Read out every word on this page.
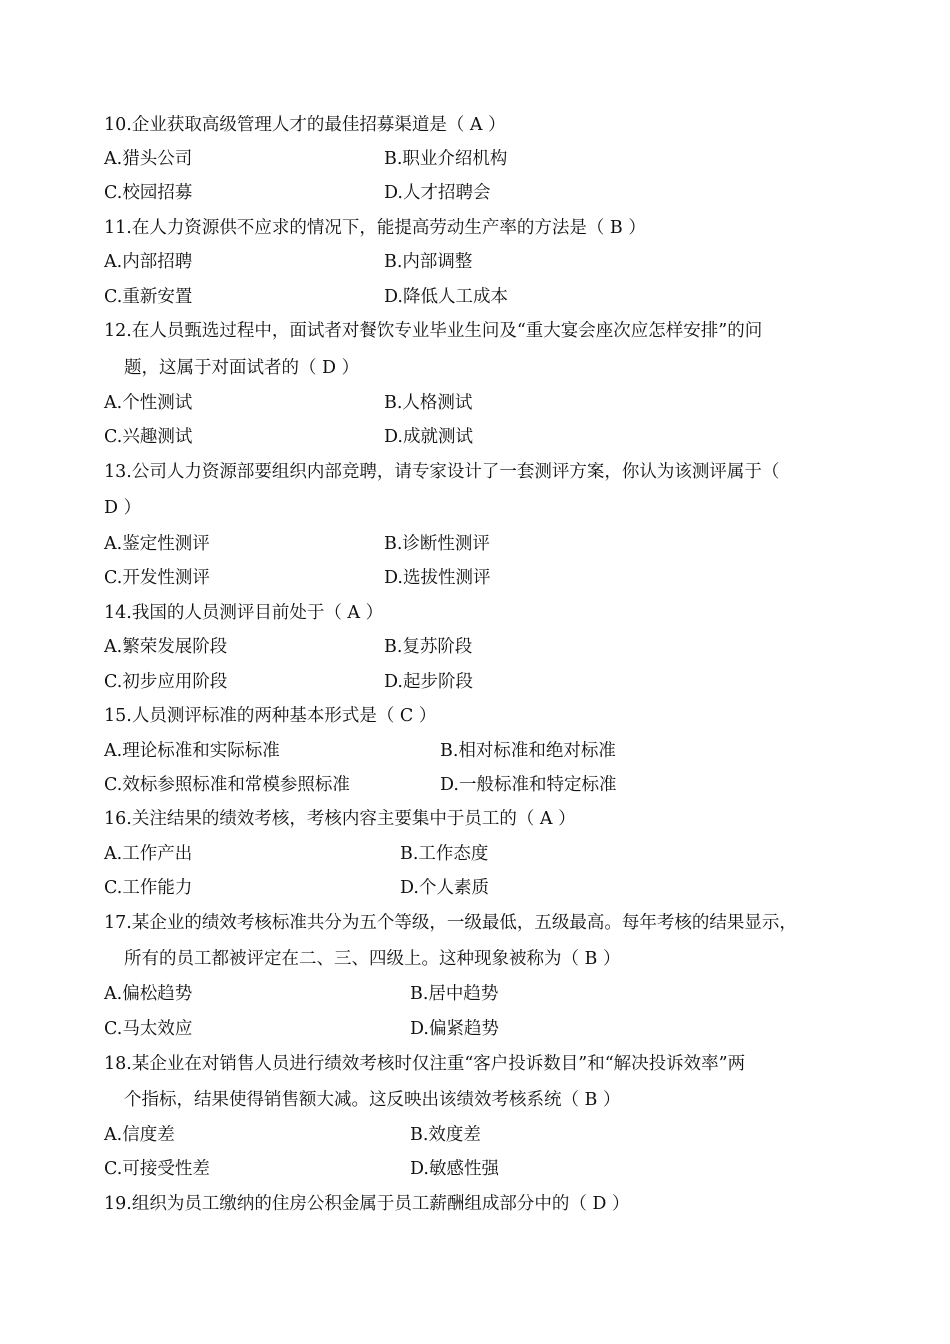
10.企业获取高级管理人才的最佳招募渠道是（ A ）
A.猎头公司	B.职业介绍机构
C.校园招募	D.人才招聘会
11.在人力资源供不应求的情况下，能提高劳动生产率的方法是（ B ）
A.内部招聘	B.内部调整
C.重新安置	D.降低人工成本
12.在人员甄选过程中，面试者对餐饮专业毕业生问及“重大宴会座次应怎样安排”的问
题，这属于对面试者的（ D ）
A.个性测试	B.人格测试
C.兴趣测试	D.成就测试
13.公司人力资源部要组织内部竞聘，请专家设计了一套测评方案，你认为该测评属于（
D ）
A.鉴定性测评	B.诊断性测评
C.开发性测评	D.选拔性测评
14.我国的人员测评目前处于（ A ）
A.繁荣发展阶段	B.复苏阶段
C.初步应用阶段	D.起步阶段
15.人员测评标准的两种基本形式是（ C ）
A.理论标准和实际标准	B.相对标准和绝对标准
C.效标参照标准和常模参照标准	D.一般标准和特定标准
16.关注结果的绩效考核，考核内容主要集中于员工的（ A ）
A.工作产出	B.工作态度
C.工作能力	D.个人素质
17.某企业的绩效考核标准共分为五个等级，一级最低，五级最高。每年考核的结果显示，
所有的员工都被评定在二、三、四级上。这种现象被称为（ B ）
A.偏松趋势	B.居中趋势
C.马太效应	D.偏紧趋势
18.某企业在对销售人员进行绩效考核时仅注重“客户投诉数目”和“解决投诉效率”两
个指标，结果使得销售额大减。这反映出该绩效考核系统（ B ）
A.信度差	B.效度差
C.可接受性差	D.敏感性强
19.组织为员工缴纳的住房公积金属于员工薪酬组成部分中的（ D ）
